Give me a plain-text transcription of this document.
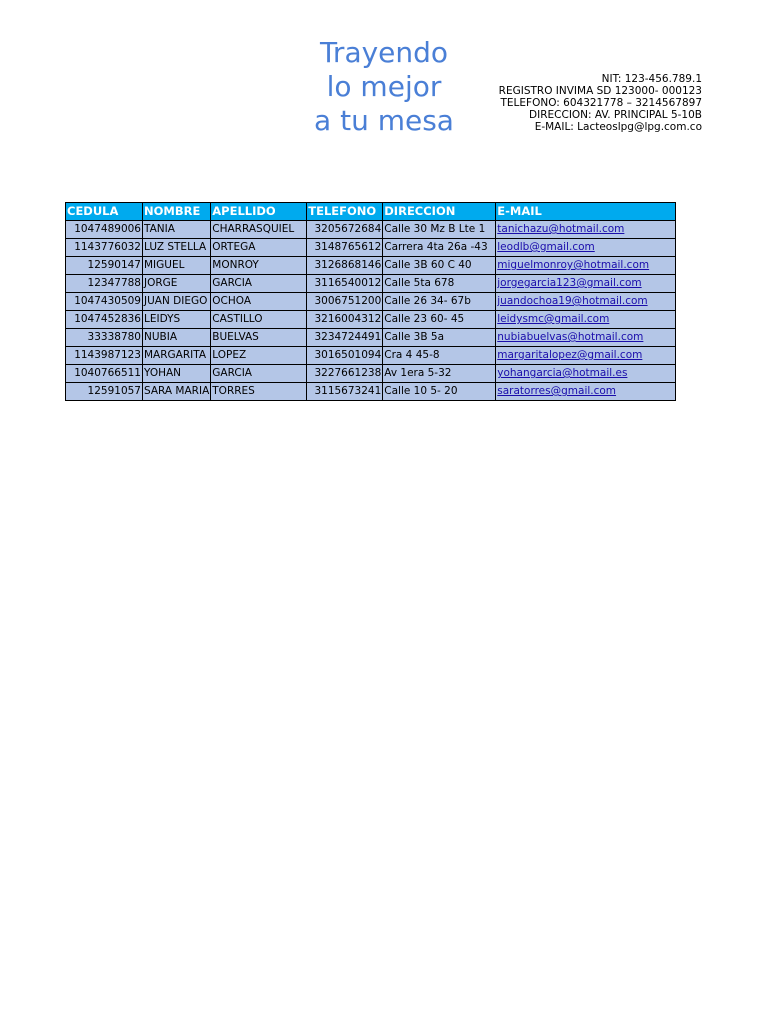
Trayendo
lo mejor
a tu mesa
NIT: 123-456.789.1
REGISTRO INVIMA SD 123000- 000123
TELEFONO: 604321778 – 3214567897
DIRECCION: AV. PRINCIPAL 5-10B
E-MAIL: Lacteoslpg@lpg.com.co
CEDULA	NOMBRE	APELLIDO	TELEFONO	DIRECCION	E-MAIL
1047489006	TANIA	CHARRASQUIEL	3205672684	Calle 30 Mz B Lte 1	tanichazu@hotmail.com
1143776032	LUZ STELLA	ORTEGA	3148765612	Carrera 4ta 26a -43	leodlb@gmail.com
12590147	MIGUEL	MONROY	3126868146	Calle 3B 60 C 40	miguelmonroy@hotmail.com
12347788	JORGE	GARCIA	3116540012	Calle 5ta 678	jorgegarcia123@gmail.com
1047430509	JUAN DIEGO	OCHOA	3006751200	Calle 26 34- 67b	juandochoa19@hotmail.com
1047452836	LEIDYS	CASTILLO	3216004312	Calle 23 60- 45	leidysmc@gmail.com
33338780	NUBIA	BUELVAS	3234724491	Calle 3B 5a	nubiabuelvas@hotmail.com
1143987123	MARGARITA	LOPEZ	3016501094	Cra 4 45-8	margaritalopez@gmail.com
1040766511	YOHAN	GARCIA	3227661238	Av 1era 5-32	yohangarcia@hotmail.es
12591057	SARA MARIA	TORRES	3115673241	Calle 10 5- 20	saratorres@gmail.com
